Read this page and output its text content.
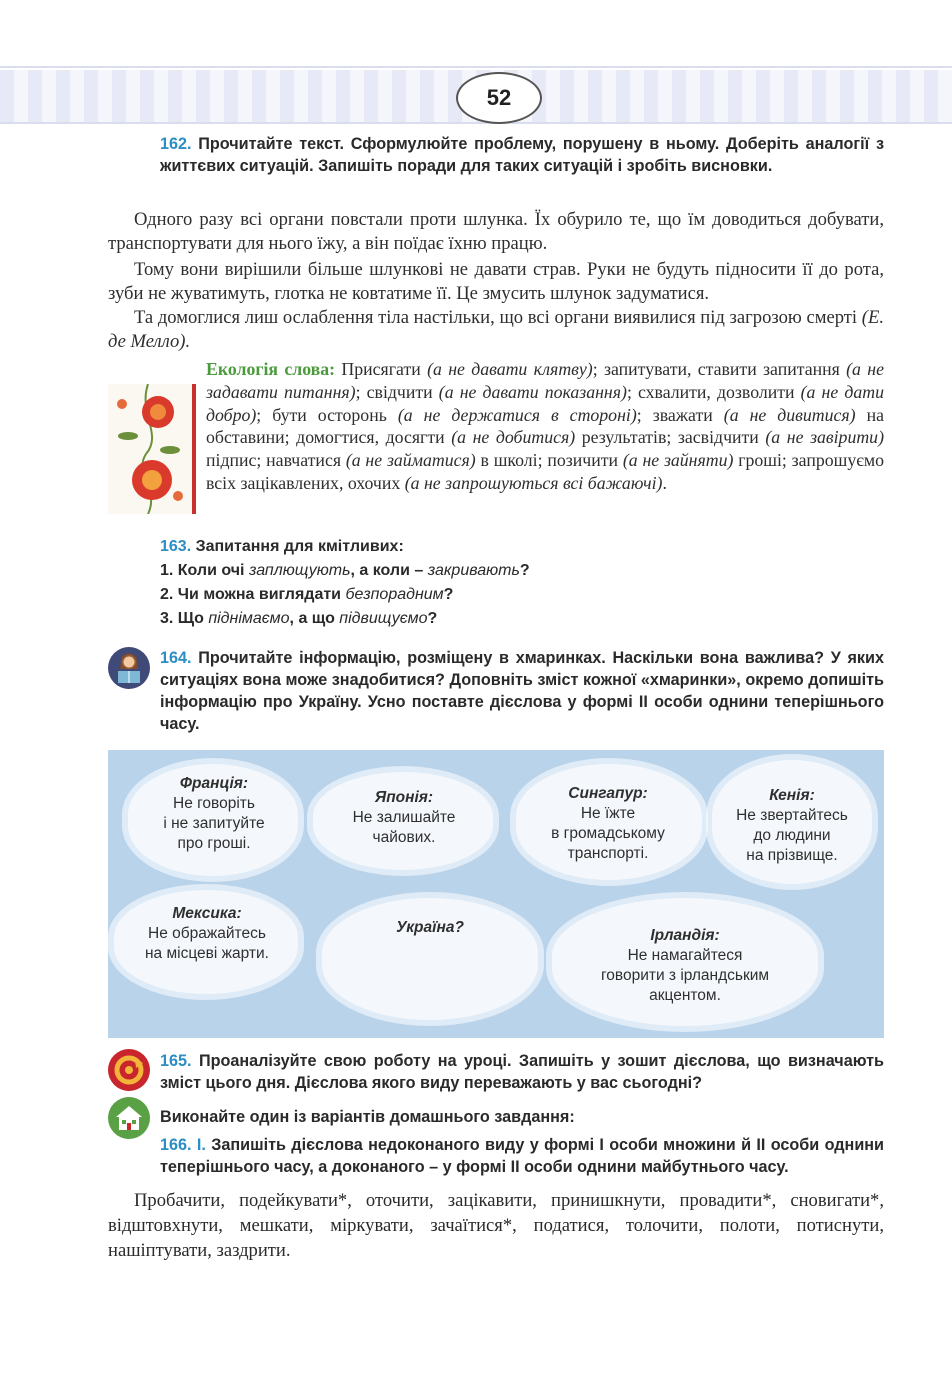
52
162. Прочитайте текст. Сформулюйте проблему, порушену в ньому. Доберіть аналогії з життєвих ситуацій. Запишіть поради для таких ситуацій і зробіть висновки.
Одного разу всі органи повстали проти шлунка. Їх обурило те, що їм доводиться добувати, транспортувати для нього їжу, а він поїдає їхню працю.
Тому вони вирішили більше шлункові не давати страв. Руки не будуть підносити її до рота, зуби не жуватимуть, глотка не ковтатиме її. Це змусить шлунок задуматися.
Та домоглися лиш ослаблення тіла настільки, що всі органи виявилися під загрозою смерті (Е. де Мелло).
Екологія слова: Присягати (а не давати клятву); запитувати, ставити запитання (а не задавати питання); свідчити (а не давати показання); схвалити, дозволити (а не дати добро); бути осторонь (а не держатися в стороні); зважати (а не дивитися) на обставини; домогтися, досягти (а не добитися) результатів; засвідчити (а не завірити) підпис; навчатися (а не займатися) в школі; позичити (а не зайняти) гроші; запрошуємо всіх зацікавлених, охочих (а не запрошуються всі бажаючі).
163. Запитання для кмітливих:
1. Коли очі заплющують, а коли – закривають?
2. Чи можна виглядати безпорадним?
3. Що піднімаємо, а що підвищуємо?
164. Прочитайте інформацію, розміщену в хмаринках. Наскільки вона важлива? У яких ситуаціях вона може знадобитися? Доповніть зміст кожної «хмаринки», окремо допишіть інформацію про Україну. Усно поставте дієслова у формі ІІ особи однини теперішнього часу.
Франція:
Не говоріть
і не запитуйте
про гроші.
Японія:
Не залишайте
чайових.
Сингапур:
Не їжте
в громадському
транспорті.
Кенія:
Не звертайтесь
до людини
на прізвище.
Мексика:
Не ображайтесь
на місцеві жарти.
Україна?	Ірландія:
Не намагайтеся
говорити з ірландським
акцентом.
165. Проаналізуйте свою роботу на уроці. Запишіть у зошит дієслова, що визначають зміст цього дня. Дієслова якого виду переважають у вас сьогодні?
Виконайте один із варіантів домашнього завдання:
166. І. Запишіть дієслова недоконаного виду у формі І особи множини й ІІ особи однини теперішнього часу, а доконаного – у формі ІІ особи однини майбутнього часу.
Пробачити, подейкувати*, оточити, зацікавити, принишкнути, провадити*, сновигати*, відштовхнути, мешкати, міркувати, зачаїтися*, податися, толочити, полоти, потиснути, нашіптувати, заздрити.
